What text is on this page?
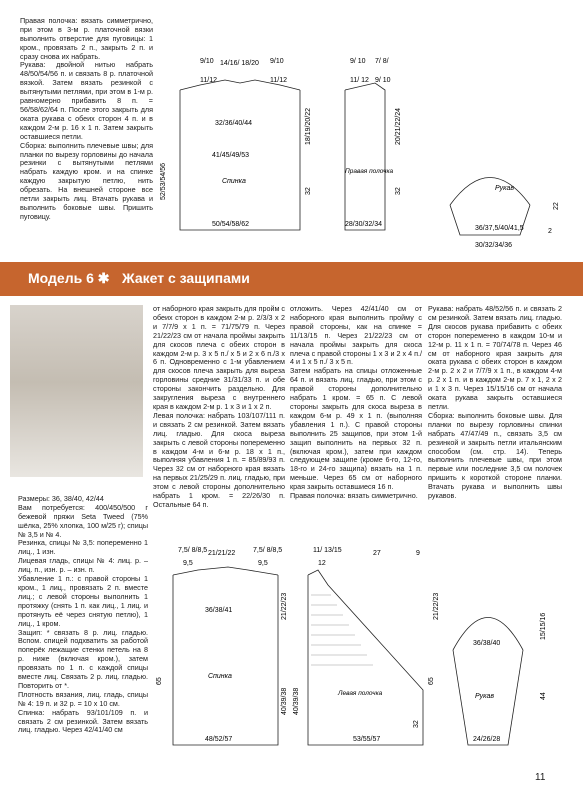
Правая полочка: вязать симметрично, при этом в 3-м р. платочной вязки выполнить отверстие для пуговицы: 1 кром., провязать 2 п., закрыть 2 п. и сразу снова их набрать.
Рукава: двойной нитью набрать 48/50/54/56 п. и связать 8 р. платочной вязкой. Затем вязать резинкой с вытянутыми петлями, при этом в 1-м р. равномерно прибавить 8 п. = 56/58/62/64 п. После этого закрыть для оката рукава с обеих сторон 4 п. и в каждом 2-м р. 16 х 1 п. Затем закрыть оставшиеся петли.
Сборка: выполнить плечевые швы; для планки по вырезу горловины до начала резинки с вытянутыми петлями набрать каждую кром. и на спинке каждую закрытую петлю, нить обрезать. На внешней стороне все петли закрыть лиц. Втачать рукава и выполнить боковые швы. Пришить пуговицу.

Спинка
9/10
11/12
14/16/ 18/20 9/10
11/12
32/36/40/44
41/45/49/53
50/54/58/62
52/53/54/56
18/19/20/22
32
Правая полочка
9/ 10 7/ 8/
11/ 12 9/ 10
28/30/32/34
20/21/22/24
32	Рукав
36/37,5/40/41,5
30/32/34/36
22
2
Модель 6 ✱ Жакет с защипами

Размеры: 36, 38/40, 42/44
Вам потребуется: 400/450/500 г бежевой пряжи Seta Tweed (75% шёлка, 25% хлопка, 100 м/25 г); спицы № 3,5 и № 4.
Резинка, спицы № 3,5: попеременно 1 лиц., 1 изн.
Лицевая гладь, спицы № 4: лиц. р. – лиц. п., изн. р. – изн. п.
Убавление 1 п.: с правой стороны 1 кром., 1 лиц., провязать 2 п. вместе лиц.; с левой стороны выполнить 1 протяжку (снять 1 п. как лиц., 1 лиц. и протянуть её через снятую петлю), 1 лиц., 1 кром.
Защип: * связать 8 р. лиц. гладью. Вспом. спицей подхватить за работой поперёк лежащие стенки петель на 8 р. ниже (включая кром.), затем провязать по 1 п. с каждой спицы вместе лиц. Связать 2 р. лиц. гладью. Повторить от *.
Плотность вязания, лиц. гладь, спицы № 4: 19 п. и 32 р. = 10 х 10 см.
Спинка: набрать 93/101/109 п. и связать 2 см резинкой. Затем вязать лиц. гладью. Через 42/41/40 см

от наборного края закрыть для пройм с обеих сторон в каждом 2-м р. 2/3/3 х 2 и 7/7/9 х 1 п. = 71/75/79 п. Через 21/22/23 см от начала проймы закрыть для скосов плеча с обеих сторон в каждом 2-м р. 3 х 5 п./ х 5 и 2 х 6 п./3 х 6 п. Одновременно с 1-м убавлением для скосов плеча закрыть для выреза горловины средние 31/31/33 п. и обе стороны закончить раздельно. Для закругления выреза с внутреннего края в каждом 2-м р. 1 х 3 и 1 х 2 п.
Левая полочка: набрать 103/107/111 п. и связать 2 см резинкой. Затем вязать лиц. гладью. Для скоса выреза закрыть с левой стороны попеременно в каждом 4-м и 6-м р. 18 х 1 п., выполняя убавления 1 п. = 85/89/93 п. Через 32 см от наборного края вязать на первых 21/25/29 п. лиц. гладью, при этом с левой стороны дополнительно набрать 1 кром. = 22/26/30 п. Остальные 64 п.
отложить. Через 42/41/40 см от наборного края выполнить пройму с правой стороны, как на спинке = 11/13/15 п. Через 21/22/23 см от начала проймы закрыть для скоса плеча с правой стороны 1 х 3 и 2 х 4 п./ 4 и 1 х 5 п./ 3 х 5 п.
Затем набрать на спицы отложенные 64 п. и вязать лиц. гладью, при этом с правой стороны дополнительно набрать 1 кром. = 65 п. С левой стороны закрыть для скоса выреза в каждом 6-м р. 49 х 1 п. (выполняя убавления 1 п.). С правой стороны выполнить 25 защипов, при этом 1-й защип выполнить на первых 32 п. (включая кром.), затем при каждом следующем защипе (кроме 6-го, 12-го, 18-го и 24-го защипа) вязать на 1 п. меньше. Через 65 см от наборного края закрыть оставшиеся 16 п.
Правая полочка: вязать симметрично.
Рукава: набрать 48/52/56 п. и связать 2 см резинкой. Затем вязать лиц. гладью. Для скосов рукава прибавить с обеих сторон попеременно в каждом 10-м и 12-м р. 11 х 1 п. = 70/74/78 п. Через 46 см от наборного края закрыть для оката рукава с обеих сторон в каждом 2-м р. 2 х 2 и 7/7/9 х 1 п., в каждом 4-м р. 2 х 1 п. и в каждом 2-м р. 7 х 1, 2 х 2 и 1 х 3 п. Через 15/15/16 см от начала оката рукава закрыть оставшиеся петли.
Сборка: выполнить боковые швы. Для планки по вырезу горловины спинки набрать 47/47/49 п., связать 3,5 см резинкой и закрыть петли итальянским способом (см. стр. 14). Теперь выполнить плечевые швы, при этом первые или последние 3,5 см полочек пришить к короткой стороне планки. Втачать рукава и выполнить швы рукавов.
Спинка
7,5/ 8/8,5 21/21/22	7,5/ 8/8,5
9,5	9,5
36/38/41
48/52/57
65
21/22/23
40/39/38	Левая полочка
11/ 13/15	27	9
12
53/55/57
40/39/38
65
32
21/22/23
Рукав
36/38/40
24/26/28
15/15/16
44
11
